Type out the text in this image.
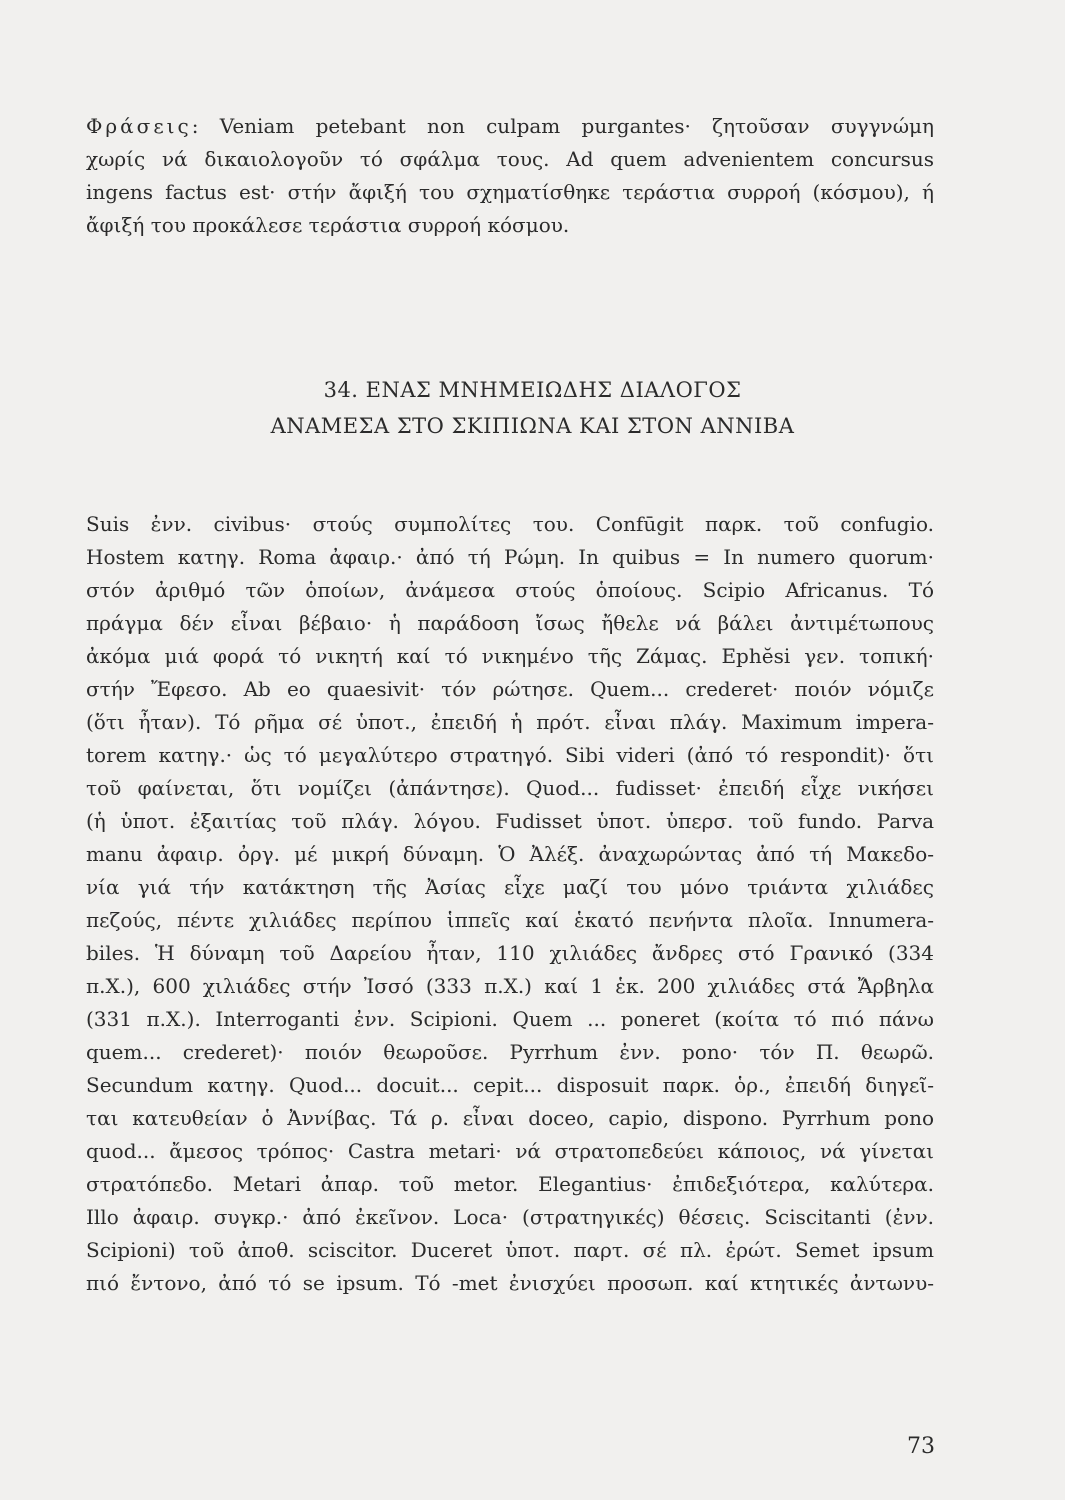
Φράσεις: Veniam petebant non culpam purgantes· ζητοῦσαν συγγνώμη
χωρίς νά δικαιολογοῦν τό σφάλμα τους. Ad quem advenientem concursus
ingens factus est· στήν ἄφιξή του σχηματίσθηκε τεράστια συρροή (κόσμου), ή
ἄφιξή του προκάλεσε τεράστια συρροή κόσμου.
34. ΕΝΑΣ ΜΝΗΜΕΙΩΔΗΣ ΔΙΑΛΟΓΟΣ
ΑΝΑΜΕΣΑ ΣΤΟ ΣΚΙΠΙΩΝΑ ΚΑΙ ΣΤΟΝ ΑΝΝΙΒΑ
Suis ἐνν. civibus· στούς συμπολίτες του. Confūgit παρκ. τοῦ confugio.
Hostem κατηγ. Roma ἀφαιρ.· ἀπό τή Ρώμη. In quibus = In numero quorum·
στόν ἀριθμό τῶν ὁποίων, ἀνάμεσα στούς ὁποίους. Scipio Africanus. Τό
πράγμα δέν εἶναι βέβαιο· ἡ παράδοση ἴσως ἤθελε νά βάλει ἀντιμέτωπους
ἀκόμα μιά φορά τό νικητή καί τό νικημένο τῆς Ζάμας. Ephĕsi γεν. τοπική·
στήν Ἔφεσο. Ab eo quaesivit· τόν ρώτησε. Quem... crederet· ποιόν νόμιζε
(ὅτι ἦταν). Τό ρῆμα σέ ὑποτ., ἐπειδή ἡ πρότ. εἶναι πλάγ. Maximum impera-
torem κατηγ.· ὡς τό μεγαλύτερο στρατηγό. Sibi videri (ἀπό τό respondit)· ὅτι
τοῦ φαίνεται, ὅτι νομίζει (ἀπάντησε). Quod... fudisset· ἐπειδή εἶχε νικήσει
(ἡ ὑποτ. ἐξαιτίας τοῦ πλάγ. λόγου. Fudisset ὑποτ. ὑπερσ. τοῦ fundo. Parva
manu ἀφαιρ. ὀργ. μέ μικρή δύναμη. Ὁ Ἀλέξ. ἀναχωρώντας ἀπό τή Μακεδο-
νία γιά τήν κατάκτηση τῆς Ἀσίας εἶχε μαζί του μόνο τριάντα χιλιάδες
πεζούς, πέντε χιλιάδες περίπου ἱππεῖς καί ἑκατό πενήντα πλοῖα. Innumera-
biles. Ἡ δύναμη τοῦ Δαρείου ἦταν, 110 χιλιάδες ἄνδρες στό Γρανικό (334
π.Χ.), 600 χιλιάδες στήν Ἰσσό (333 π.Χ.) καί 1 ἑκ. 200 χιλιάδες στά Ἄρβηλα
(331 π.Χ.). Interroganti ἐνν. Scipioni. Quem ... poneret (κοίτα τό πιό πάνω
quem... crederet)· ποιόν θεωροῦσε. Pyrrhum ἐνν. pono· τόν Π. θεωρῶ.
Secundum κατηγ. Quod... docuit... cepit... disposuit παρκ. ὁρ., ἐπειδή διηγεῖ-
ται κατευθείαν ὁ Ἀννίβας. Τά ρ. εἶναι doceo, capio, dispono. Pyrrhum pono
quod... ἄμεσος τρόπος· Castra metari· νά στρατοπεδεύει κάποιος, νά γίνεται
στρατόπεδο. Metari ἀπαρ. τοῦ metor. Elegantius· ἐπιδεξιότερα, καλύτερα.
Illo ἀφαιρ. συγκρ.· ἀπό ἐκεῖνον. Loca· (στρατηγικές) θέσεις. Sciscitanti (ἐνν.
Scipioni) τοῦ ἀποθ. sciscitor. Duceret ὑποτ. παρτ. σέ πλ. ἐρώτ. Semet ipsum
πιό ἔντονο, ἀπό τό se ipsum. Τό -met ἐνισχύει προσωπ. καί κτητικές ἀντωνυ-
73
